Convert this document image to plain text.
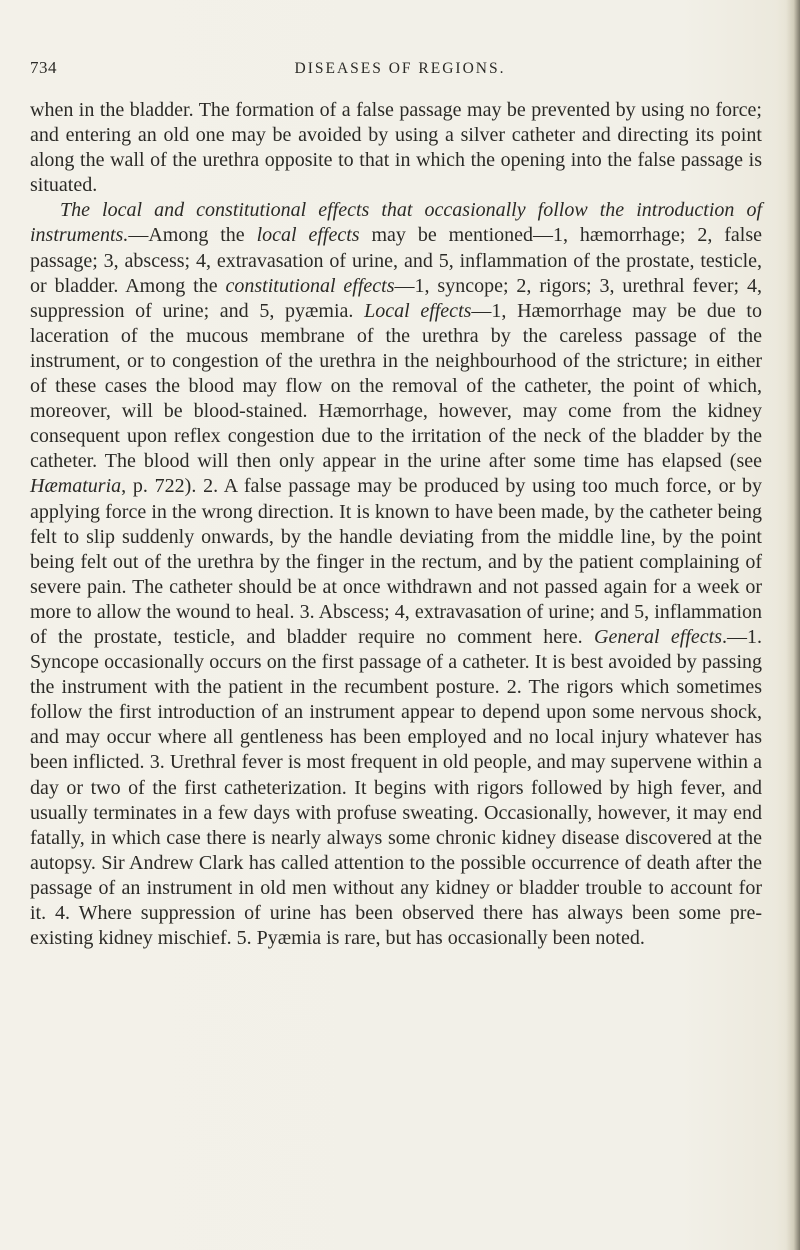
734	DISEASES OF REGIONS.

when in the bladder. The formation of a false passage may be prevented by using no force; and entering an old one may be avoided by using a silver catheter and directing its point along the wall of the urethra opposite to that in which the opening into the false passage is situated.

The local and constitutional effects that occasionally follow the introduction of instruments.—Among the local effects may be mentioned—1, hæmorrhage; 2, false passage; 3, abscess; 4, extravasation of urine, and 5, inflammation of the prostate, testicle, or bladder. Among the constitutional effects—1, syncope; 2, rigors; 3, urethral fever; 4, suppression of urine; and 5, pyæmia. Local effects—1, Hæmorrhage may be due to laceration of the mucous membrane of the urethra by the careless passage of the instrument, or to congestion of the urethra in the neighbourhood of the stricture; in either of these cases the blood may flow on the removal of the catheter, the point of which, moreover, will be blood-stained. Hæmorrhage, however, may come from the kidney consequent upon reflex congestion due to the irritation of the neck of the bladder by the catheter. The blood will then only appear in the urine after some time has elapsed (see Hæmaturia, p. 722). 2. A false passage may be produced by using too much force, or by applying force in the wrong direction. It is known to have been made, by the catheter being felt to slip suddenly onwards, by the handle deviating from the middle line, by the point being felt out of the urethra by the finger in the rectum, and by the patient complaining of severe pain. The catheter should be at once withdrawn and not passed again for a week or more to allow the wound to heal. 3. Abscess; 4, extravasation of urine; and 5, inflammation of the prostate, testicle, and bladder require no comment here. General effects.—1. Syncope occasionally occurs on the first passage of a catheter. It is best avoided by passing the instrument with the patient in the recumbent posture. 2. The rigors which sometimes follow the first introduction of an instrument appear to depend upon some nervous shock, and may occur where all gentleness has been employed and no local injury whatever has been inflicted. 3. Urethral fever is most frequent in old people, and may supervene within a day or two of the first catheterization. It begins with rigors followed by high fever, and usually terminates in a few days with profuse sweating. Occasionally, however, it may end fatally, in which case there is nearly always some chronic kidney disease discovered at the autopsy. Sir Andrew Clark has called attention to the possible occurrence of death after the passage of an instrument in old men without any kidney or bladder trouble to account for it. 4. Where suppression of urine has been observed there has always been some pre-existing kidney mischief. 5. Pyæmia is rare, but has occasionally been noted.
